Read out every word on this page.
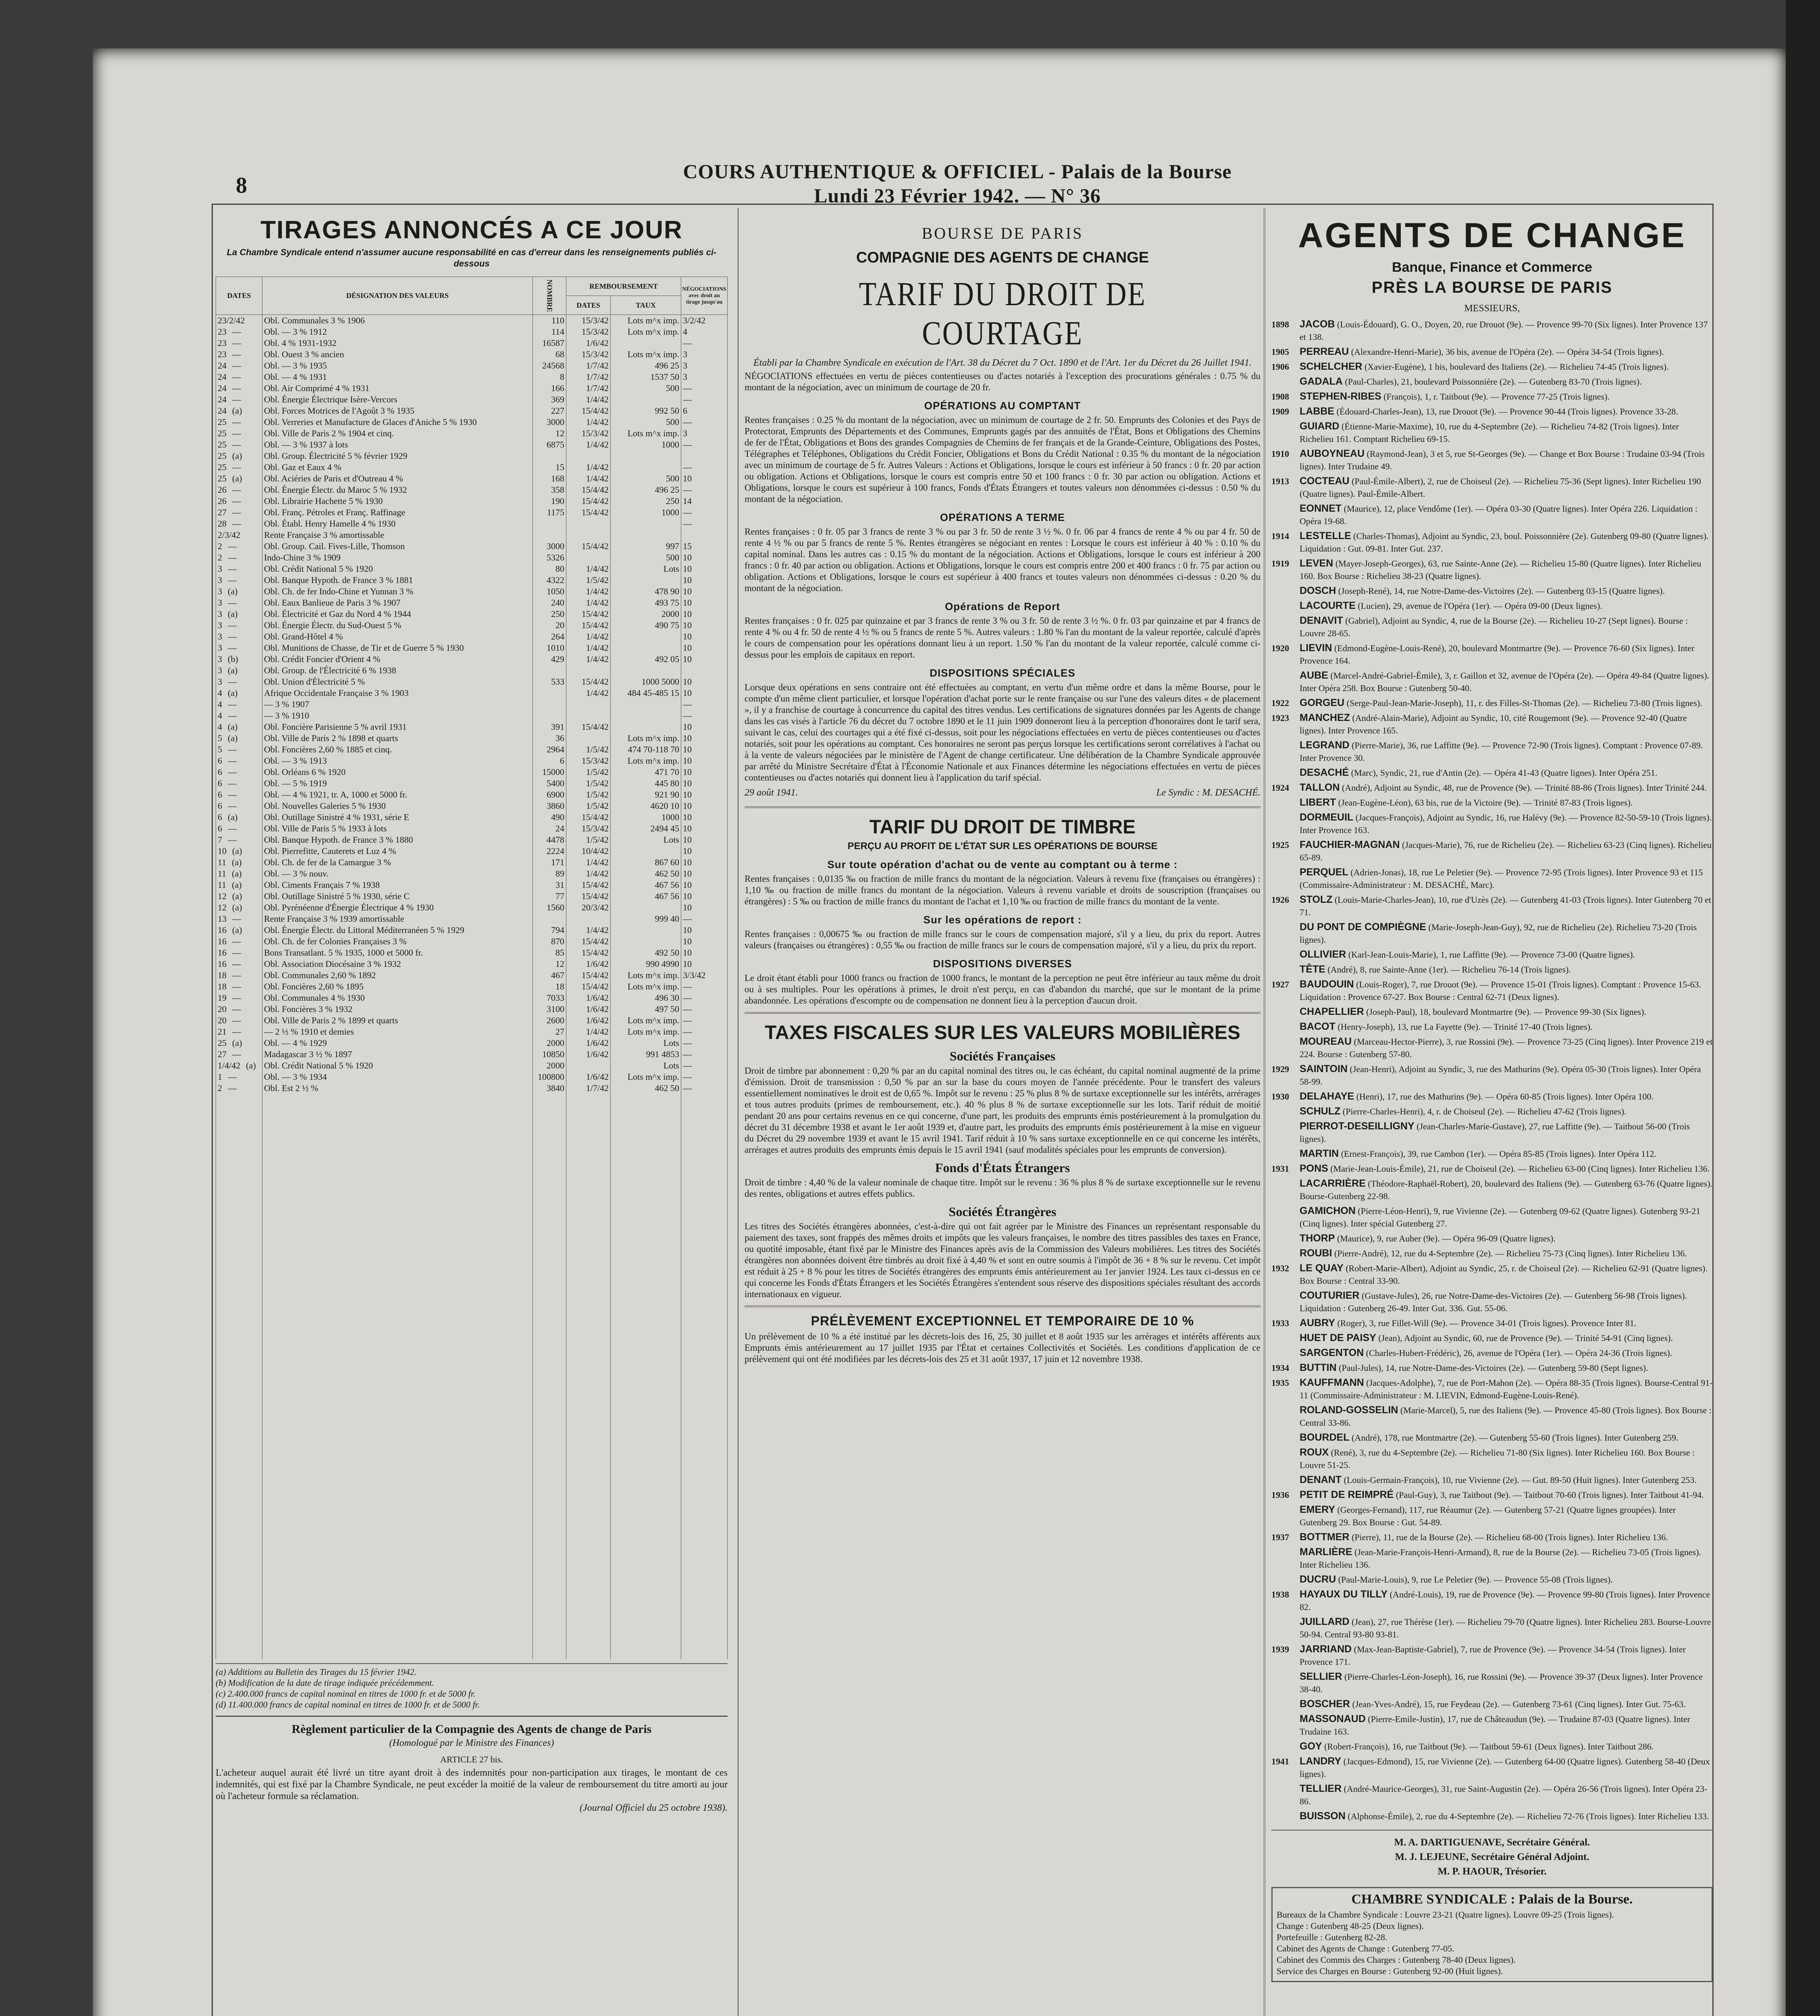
8
COURS AUTHENTIQUE & OFFICIEL - Palais de la Bourse
Lundi 23 Février 1942. — N° 36
TIRAGES ANNONCÉS A CE JOUR
La Chambre Syndicale entend n'assumer aucune responsabilité en cas d'erreur dans les renseignements publiés ci-dessous
DATES	DÉSIGNATION DES VALEURS	NOMBRE	REMBOURSEMENT		NÉGOCIATIONS avec droit au tirage jusqu'au
			DATES	TAUX	
23/2/42	Obl. Communales 3 % 1906	110	15/3/42	Lots m^x imp.	3/2/42
23 —	Obl. — 3 % 1912	114	15/3/42	Lots m^x imp.	4
23 —	Obl. 4 % 1931-1932	16587	1/6/42		—
23 —	Obl. Ouest 3 % ancien	68	15/3/42	Lots m^x imp.	3
24 —	Obl. — 3 % 1935	24568	1/7/42	496 25	3
24 —	Obl. — 4 % 1931	8	1/7/42	1537 50	3
24 —	Obl. Air Comprimé 4 % 1931	166	1/7/42	500	—
24 —	Obl. Énergie Électrique Isère-Vercors	369	1/4/42		—
24 (a)	Obl. Forces Motrices de l'Agoût 3 % 1935	227	15/4/42	992 50	6
25 —	Obl. Verreries et Manufacture de Glaces d'Aniche 5 % 1930	3000	1/4/42	500	—
25 —	Obl. Ville de Paris 2 % 1904 et cinq.	12	15/3/42	Lots m^x imp.	3
25 —	Obl. — 3 % 1937 à lots	6875	1/4/42	1000	—
25 (a)	Obl. Group. Électricité 5 % février 1929				
25 —	Obl. Gaz et Eaux 4 %	15	1/4/42		—
25 (a)	Obl. Aciéries de Paris et d'Outreau 4 %	168	1/4/42	500	10
26 —	Obl. Énergie Électr. du Maroc 5 % 1932	358	15/4/42	496 25	—
26 —	Obl. Librairie Hachette 5 % 1930	190	15/4/42	250	14
27 —	Obl. Franç. Pétroles et Franç. Raffinage	1175	15/4/42	1000	—
28 —	Obl. Établ. Henry Hamelle 4 % 1930				—
2/3/42	Rente Française 3 % amortissable				
2 —	Obl. Group. Cail. Fives-Lille, Thomson	3000	15/4/42	997	15
2 —	Indo-Chine 3 % 1909	5326		500	10
3 —	Obl. Crédit National 5 % 1920	80	1/4/42	Lots	10
3 —	Obl. Banque Hypoth. de France 3 % 1881	4322	1/5/42		10
3 (a)	Obl. Ch. de fer Indo-Chine et Yunnan 3 %	1050	1/4/42	478 90	10
3 —	Obl. Eaux Banlieue de Paris 3 % 1907	240	1/4/42	493 75	10
3 (a)	Obl. Électricité et Gaz du Nord 4 % 1944	250	15/4/42	2000	10
3 —	Obl. Énergie Électr. du Sud-Ouest 5 %	20	15/4/42	490 75	10
3 —	Obl. Grand-Hôtel 4 %	264	1/4/42		10
3 —	Obl. Munitions de Chasse, de Tir et de Guerre 5 % 1930	1010	1/4/42		10
3 (b)	Obl. Crédit Foncier d'Orient 4 %	429	1/4/42	492 05	10
3 (a)	Obl. Group. de l'Électricité 6 % 1938				
3 —	Obl. Union d'Électricité 5 %	533	15/4/42	1000 5000	10
4 (a)	Afrique Occidentale Française 3 % 1903		1/4/42	484 45-485 15	10
4 —	— 3 % 1907				—
4 —	— 3 % 1910				—
4 (a)	Obl. Foncière Parisienne 5 % avril 1931	391	15/4/42		10
5 (a)	Obl. Ville de Paris 2 % 1898 et quarts	36		Lots m^x imp.	10
5 —	Obl. Foncières 2,60 % 1885 et cinq.	2964	1/5/42	474 70-118 70	10
6 —	Obl. — 3 % 1913	6	15/3/42	Lots m^x imp.	10
6 —	Obl. Orléans 6 % 1920	15000	1/5/42	471 70	10
6 —	Obl. — 5 % 1919	5400	1/5/42	445 80	10
6 —	Obl. — 4 % 1921, tr. A, 1000 et 5000 fr.	6900	1/5/42	921 90	10
6 —	Obl. Nouvelles Galeries 5 % 1930	3860	1/5/42	4620 10	10
6 (a)	Obl. Outillage Sinistré 4 % 1931, série E	490	15/4/42	1000	10
6 —	Obl. Ville de Paris 5 % 1933 à lots	24	15/3/42	2494 45	10
7 —	Obl. Banque Hypoth. de France 3 % 1880	4478	1/5/42	Lots	10
10 (a)	Obl. Pierrefitte, Cauterets et Luz 4 %	2224	10/4/42		10
11 (a)	Obl. Ch. de fer de la Camargue 3 %	171	1/4/42	867 60	10
11 (a)	Obl. — 3 % nouv.	89	1/4/42	462 50	10
11 (a)	Obl. Ciments Français 7 % 1938	31	15/4/42	467 56	10
12 (a)	Obl. Outillage Sinistré 5 % 1930, série C	77	15/4/42	467 56	10
12 (a)	Obl. Pyrénéenne d'Énergie Électrique 4 % 1930	1560	20/3/42		10
13 —	Rente Française 3 % 1939 amortissable			999 40	—
16 (a)	Obl. Énergie Électr. du Littoral Méditerranéen 5 % 1929	794	1/4/42		10
16 —	Obl. Ch. de fer Colonies Françaises 3 %	870	15/4/42		10
16 —	Bons Transatlant. 5 % 1935, 1000 et 5000 fr.	85	15/4/42	492 50	10
16 —	Obl. Association Diocésaine 3 % 1932	12	1/6/42	990 4990	10
18 —	Obl. Communales 2,60 % 1892	467	15/4/42	Lots m^x imp.	3/3/42
18 —	Obl. Foncières 2,60 % 1895	18	15/4/42	Lots m^x imp.	—
19 —	Obl. Communales 4 % 1930	7033	1/6/42	496 30	—
20 —	Obl. Foncières 3 % 1932	3100	1/6/42	497 50	—
20 —	Obl. Ville de Paris 2 % 1899 et quarts	2600	1/6/42	Lots m^x imp.	—
21 —	— 2 ½ % 1910 et demies	27	1/4/42	Lots m^x imp.	—
25 (a)	Obl. — 4 % 1929	2000	1/6/42	Lots	—
27 —	Madagascar 3 ½ % 1897	10850	1/6/42	991 4853	—
1/4/42 (a)	Obl. Crédit National 5 % 1920	2000		Lots	—
1 —	Obl. — 3 % 1934	100800	1/6/42	Lots m^x imp.	—
2 —	Obl. Est 2 ½ %	3840	1/7/42	462 50	—

(a) Additions au Bulletin des Tirages du 15 février 1942.
(b) Modification de la date de tirage indiquée précédemment.
(c) 2.400.000 francs de capital nominal en titres de 1000 fr. et de 5000 fr.
(d) 11.400.000 francs de capital nominal en titres de 1000 fr. et de 5000 fr.
Règlement particulier de la Compagnie des Agents de change de Paris
(Homologué par le Ministre des Finances)
ARTICLE 27 bis.

L'acheteur auquel aurait été livré un titre ayant droit à des indemnités pour non-participation aux tirages, le montant de ces indemnités, qui est fixé par la Chambre Syndicale, ne peut excéder la moitié de la valeur de remboursement du titre amorti au jour où l'acheteur formule sa réclamation.

(Journal Officiel du 25 octobre 1938).

BOURSE DE PARIS
COMPAGNIE DES AGENTS DE CHANGE
TARIF DU DROIT DE COURTAGE
Établi par la Chambre Syndicale en exécution de l'Art. 38 du Décret du 7 Oct. 1890 et de l'Art. 1er du Décret du 26 Juillet 1941.

NÉGOCIATIONS effectuées en vertu de pièces contentieuses ou d'actes notariés à l'exception des procurations générales : 0.75 % du montant de la négociation, avec un minimum de courtage de 20 fr.

OPÉRATIONS AU COMPTANT

Rentes françaises : 0.25 % du montant de la négociation, avec un minimum de courtage de 2 fr. 50. Emprunts des Colonies et des Pays de Protectorat, Emprunts des Départements et des Communes, Emprunts gagés par des annuités de l'État, Bons et Obligations des Chemins de fer de l'État, Obligations et Bons des grandes Compagnies de Chemins de fer français et de la Grande-Ceinture, Obligations des Postes, Télégraphes et Téléphones, Obligations du Crédit Foncier, Obligations et Bons du Crédit National : 0.35 % du montant de la négociation avec un minimum de courtage de 5 fr. Autres Valeurs : Actions et Obligations, lorsque le cours est inférieur à 50 francs : 0 fr. 20 par action ou obligation. Actions et Obligations, lorsque le cours est compris entre 50 et 100 francs : 0 fr. 30 par action ou obligation. Actions et Obligations, lorsque le cours est supérieur à 100 francs, Fonds d'États Étrangers et toutes valeurs non dénommées ci-dessus : 0.50 % du montant de la négociation.

OPÉRATIONS A TERME

Rentes françaises : 0 fr. 05 par 3 francs de rente 3 % ou par 3 fr. 50 de rente 3 ½ %. 0 fr. 06 par 4 francs de rente 4 % ou par 4 fr. 50 de rente 4 ½ % ou par 5 francs de rente 5 %. Rentes étrangères se négociant en rentes : Lorsque le cours est inférieur à 40 % : 0.10 % du capital nominal. Dans les autres cas : 0.15 % du montant de la négociation. Actions et Obligations, lorsque le cours est inférieur à 200 francs : 0 fr. 40 par action ou obligation. Actions et Obligations, lorsque le cours est compris entre 200 et 400 francs : 0 fr. 75 par action ou obligation. Actions et Obligations, lorsque le cours est supérieur à 400 francs et toutes valeurs non dénommées ci-dessus : 0.20 % du montant de la négociation.

Opérations de Report

Rentes françaises : 0 fr. 025 par quinzaine et par 3 francs de rente 3 % ou 3 fr. 50 de rente 3 ½ %. 0 fr. 03 par quinzaine et par 4 francs de rente 4 % ou 4 fr. 50 de rente 4 ½ % ou 5 francs de rente 5 %. Autres valeurs : 1.80 % l'an du montant de la valeur reportée, calculé d'après le cours de compensation pour les opérations donnant lieu à un report. 1.50 % l'an du montant de la valeur reportée, calculé comme ci-dessus pour les emplois de capitaux en report.

DISPOSITIONS SPÉCIALES

Lorsque deux opérations en sens contraire ont été effectuées au comptant, en vertu d'un même ordre et dans la même Bourse, pour le compte d'un même client particulier, et lorsque l'opération d'achat porte sur le rente française ou sur l'une des valeurs dites « de placement », il y a franchise de courtage à concurrence du capital des titres vendus. Les certifications de signatures données par les Agents de change dans les cas visés à l'article 76 du décret du 7 octobre 1890 et le 11 juin 1909 donneront lieu à la perception d'honoraires dont le tarif sera, suivant le cas, celui des courtages qui a été fixé ci-dessus, soit pour les négociations effectuées en vertu de pièces contentieuses ou d'actes notariés, soit pour les opérations au comptant. Ces honoraires ne seront pas perçus lorsque les certifications seront corrélatives à l'achat ou à la vente de valeurs négociées par le ministère de l'Agent de change certificateur. Une délibération de la Chambre Syndicale approuvée par arrêté du Ministre Secrétaire d'État à l'Économie Nationale et aux Finances détermine les négociations effectuées en vertu de pièces contentieuses ou d'actes notariés qui donnent lieu à l'application du tarif spécial.

29 août 1941.	Le Syndic : M. DESACHÉ.
TARIF DU DROIT DE TIMBRE
PERÇU AU PROFIT DE L'ÉTAT SUR LES OPÉRATIONS DE BOURSE
Sur toute opération d'achat ou de vente au comptant ou à terme :

Rentes françaises : 0,0135 ‰ ou fraction de mille francs du montant de la négociation. Valeurs à revenu fixe (françaises ou étrangères) : 1,10 ‰ ou fraction de mille francs du montant de la négociation. Valeurs à revenu variable et droits de souscription (françaises ou étrangères) : 5 ‰ ou fraction de mille francs du montant de l'achat et 1,10 ‰ ou fraction de mille francs du montant de la vente.

Sur les opérations de report :

Rentes françaises : 0,00675 ‰ ou fraction de mille francs sur le cours de compensation majoré, s'il y a lieu, du prix du report. Autres valeurs (françaises ou étrangères) : 0,55 ‰ ou fraction de mille francs sur le cours de compensation majoré, s'il y a lieu, du prix du report.

DISPOSITIONS DIVERSES

Le droit étant établi pour 1000 francs ou fraction de 1000 francs, le montant de la perception ne peut être inférieur au taux même du droit ou à ses multiples. Pour les opérations à primes, le droit n'est perçu, en cas d'abandon du marché, que sur le montant de la prime abandonnée. Les opérations d'escompte ou de compensation ne donnent lieu à la perception d'aucun droit.

TAXES FISCALES SUR LES VALEURS MOBILIÈRES
Sociétés Françaises

Droit de timbre par abonnement : 0,20 % par an du capital nominal des titres ou, le cas échéant, du capital nominal augmenté de la prime d'émission. Droit de transmission : 0,50 % par an sur la base du cours moyen de l'année précédente. Pour le transfert des valeurs essentiellement nominatives le droit est de 0,65 %. Impôt sur le revenu : 25 % plus 8 % de surtaxe exceptionnelle sur les intérêts, arrérages et tous autres produits (primes de remboursement, etc.). 40 % plus 8 % de surtaxe exceptionnelle sur les lots. Tarif réduit de moitié pendant 20 ans pour certains revenus en ce qui concerne, d'une part, les produits des emprunts émis postérieurement à la promulgation du décret du 31 décembre 1938 et avant le 1er août 1939 et, d'autre part, les produits des emprunts émis postérieurement à la mise en vigueur du Décret du 29 novembre 1939 et avant le 15 avril 1941. Tarif réduit à 10 % sans surtaxe exceptionnelle en ce qui concerne les intérêts, arrérages et autres produits des emprunts émis depuis le 15 avril 1941 (sauf modalités spéciales pour les emprunts de conversion).

Fonds d'États Étrangers

Droit de timbre : 4,40 % de la valeur nominale de chaque titre. Impôt sur le revenu : 36 % plus 8 % de surtaxe exceptionnelle sur le revenu des rentes, obligations et autres effets publics.

Sociétés Étrangères

Les titres des Sociétés étrangères abonnées, c'est-à-dire qui ont fait agréer par le Ministre des Finances un représentant responsable du paiement des taxes, sont frappés des mêmes droits et impôts que les valeurs françaises, le nombre des titres passibles des taxes en France, ou quotité imposable, étant fixé par le Ministre des Finances après avis de la Commission des Valeurs mobilières. Les titres des Sociétés étrangères non abonnées doivent être timbrés au droit fixé à 4,40 % et sont en outre soumis à l'impôt de 36 + 8 % sur le revenu. Cet impôt est réduit à 25 + 8 % pour les titres de Sociétés étrangères des emprunts émis antérieurement au 1er janvier 1924. Les taux ci-dessus en ce qui concerne les Fonds d'États Étrangers et les Sociétés Étrangères s'entendent sous réserve des dispositions spéciales résultant des accords internationaux en vigueur.

PRÉLÈVEMENT EXCEPTIONNEL ET TEMPORAIRE DE 10 %

Un prélèvement de 10 % a été institué par les décrets-lois des 16, 25, 30 juillet et 8 août 1935 sur les arrérages et intérêts afférents aux Emprunts émis antérieurement au 17 juillet 1935 par l'État et certaines Collectivités et Sociétés. Les conditions d'application de ce prélèvement qui ont été modifiées par les décrets-lois des 25 et 31 août 1937, 17 juin et 12 novembre 1938.

AGENTS DE CHANGE
Banque, Finance et Commerce
PRÈS LA BOURSE DE PARIS
MESSIEURS,
1898	JACOB (Louis-Édouard), G. O., Doyen, 20, rue Drouot (9e). — Provence 99-70 (Six lignes). Inter Provence 137 et 138.
1905	PERREAU (Alexandre-Henri-Marie), 36 bis, avenue de l'Opéra (2e). — Opéra 34-54 (Trois lignes).
1906	SCHELCHER (Xavier-Eugène), 1 bis, boulevard des Italiens (2e). — Richelieu 74-45 (Trois lignes).
GADALA (Paul-Charles), 21, boulevard Poissonnière (2e). — Gutenberg 83-70 (Trois lignes).
1908	STEPHEN-RIBES (François), 1, r. Taitbout (9e). — Provence 77-25 (Trois lignes).
1909	LABBE (Édouard-Charles-Jean), 13, rue Drouot (9e). — Provence 90-44 (Trois lignes). Provence 33-28.
GUIARD (Étienne-Marie-Maxime), 10, rue du 4-Septembre (2e). — Richelieu 74-82 (Trois lignes). Inter Richelieu 161. Comptant Richelieu 69-15.
1910	AUBOYNEAU (Raymond-Jean), 3 et 5, rue St-Georges (9e). — Change et Box Bourse : Trudaine 03-94 (Trois lignes). Inter Trudaine 49.
1913	COCTEAU (Paul-Émile-Albert), 2, rue de Choiseul (2e). — Richelieu 75-36 (Sept lignes). Inter Richelieu 190 (Quatre lignes). Paul-Émile-Albert.
EONNET (Maurice), 12, place Vendôme (1er). — Opéra 03-30 (Quatre lignes). Inter Opéra 226. Liquidation : Opéra 19-68.
1914	LESTELLE (Charles-Thomas), Adjoint au Syndic, 23, boul. Poissonnière (2e). Gutenberg 09-80 (Quatre lignes). Liquidation : Gut. 09-81. Inter Gut. 237.
1919	LEVEN (Mayer-Joseph-Georges), 63, rue Sainte-Anne (2e). — Richelieu 15-80 (Quatre lignes). Inter Richelieu 160. Box Bourse : Richelieu 38-23 (Quatre lignes).
DOSCH (Joseph-René), 14, rue Notre-Dame-des-Victoires (2e). — Gutenberg 03-15 (Quatre lignes).
LACOURTE (Lucien), 29, avenue de l'Opéra (1er). — Opéra 09-00 (Deux lignes).
DENAVIT (Gabriel), Adjoint au Syndic, 4, rue de la Bourse (2e). — Richelieu 10-27 (Sept lignes). Bourse : Louvre 28-65.
1920	LIEVIN (Edmond-Eugène-Louis-René), 20, boulevard Montmartre (9e). — Provence 76-60 (Six lignes). Inter Provence 164.
AUBE (Marcel-André-Gabriel-Émile), 3, r. Gaillon et 32, avenue de l'Opéra (2e). — Opéra 49-84 (Quatre lignes). Inter Opéra 258. Box Bourse : Gutenberg 50-40.
1922	GORGEU (Serge-Paul-Jean-Marie-Joseph), 11, r. des Filles-St-Thomas (2e). — Richelieu 73-80 (Trois lignes).
1923	MANCHEZ (André-Alain-Marie), Adjoint au Syndic, 10, cité Rougemont (9e). — Provence 92-40 (Quatre lignes). Inter Provence 165.
LEGRAND (Pierre-Marie), 36, rue Laffitte (9e). — Provence 72-90 (Trois lignes). Comptant : Provence 07-89. Inter Provence 30.
DESACHÉ (Marc), Syndic, 21, rue d'Antin (2e). — Opéra 41-43 (Quatre lignes). Inter Opéra 251.
1924	TALLON (André), Adjoint au Syndic, 48, rue de Provence (9e). — Trinité 88-86 (Trois lignes). Inter Trinité 244.
LIBERT (Jean-Eugène-Léon), 63 bis, rue de la Victoire (9e). — Trinité 87-83 (Trois lignes).
DORMEUIL (Jacques-François), Adjoint au Syndic, 16, rue Halévy (9e). — Provence 82-50-59-10 (Trois lignes). Inter Provence 163.
1925	FAUCHIER-MAGNAN (Jacques-Marie), 76, rue de Richelieu (2e). — Richelieu 63-23 (Cinq lignes). Richelieu 65-89.
PERQUEL (Adrien-Jonas), 18, rue Le Peletier (9e). — Provence 72-95 (Trois lignes). Inter Provence 93 et 115 (Commissaire-Administrateur : M. DESACHÉ, Marc).
1926	STOLZ (Louis-Marie-Charles-Jean), 10, rue d'Uzès (2e). — Gutenberg 41-03 (Trois lignes). Inter Gutenberg 70 et 71.
DU PONT DE COMPIÈGNE (Marie-Joseph-Jean-Guy), 92, rue de Richelieu (2e). Richelieu 73-20 (Trois lignes).
OLLIVIER (Karl-Jean-Louis-Marie), 1, rue Laffitte (9e). — Provence 73-00 (Quatre lignes).
TÊTE (André), 8, rue Sainte-Anne (1er). — Richelieu 76-14 (Trois lignes).
1927	BAUDOUIN (Louis-Roger), 7, rue Drouot (9e). — Provence 15-01 (Trois lignes). Comptant : Provence 15-63. Liquidation : Provence 67-27. Box Bourse : Central 62-71 (Deux lignes).
CHAPELLIER (Joseph-Paul), 18, boulevard Montmartre (9e). — Provence 99-30 (Six lignes).
BACOT (Henry-Joseph), 13, rue La Fayette (9e). — Trinité 17-40 (Trois lignes).
MOUREAU (Marceau-Hector-Pierre), 3, rue Rossini (9e). — Provence 73-25 (Cinq lignes). Inter Provence 219 et 224. Bourse : Gutenberg 57-80.
1929	SAINTOIN (Jean-Henri), Adjoint au Syndic, 3, rue des Mathurins (9e). Opéra 05-30 (Trois lignes). Inter Opéra 58-99.
1930	DELAHAYE (Henri), 17, rue des Mathurins (9e). — Opéra 60-85 (Trois lignes). Inter Opéra 100.
SCHULZ (Pierre-Charles-Henri), 4, r. de Choiseul (2e). — Richelieu 47-62 (Trois lignes).
PIERROT-DESEILLIGNY (Jean-Charles-Marie-Gustave), 27, rue Laffitte (9e). — Taitbout 56-00 (Trois lignes).
MARTIN (Ernest-François), 39, rue Cambon (1er). — Opéra 85-85 (Trois lignes). Inter Opéra 112.
1931	PONS (Marie-Jean-Louis-Émile), 21, rue de Choiseul (2e). — Richelieu 63-00 (Cinq lignes). Inter Richelieu 136.
LACARRIÈRE (Théodore-Raphaël-Robert), 20, boulevard des Italiens (9e). — Gutenberg 63-76 (Quatre lignes). Bourse-Gutenberg 22-98.
GAMICHON (Pierre-Léon-Henri), 9, rue Vivienne (2e). — Gutenberg 09-62 (Quatre lignes). Gutenberg 93-21 (Cinq lignes). Inter spécial Gutenberg 27.
THORP (Maurice), 9, rue Auber (9e). — Opéra 96-09 (Quatre lignes).
ROUBI (Pierre-André), 12, rue du 4-Septembre (2e). — Richelieu 75-73 (Cinq lignes). Inter Richelieu 136.
1932	LE QUAY (Robert-Marie-Albert), Adjoint au Syndic, 25, r. de Choiseul (2e). — Richelieu 62-91 (Quatre lignes). Box Bourse : Central 33-90.
COUTURIER (Gustave-Jules), 26, rue Notre-Dame-des-Victoires (2e). — Gutenberg 56-98 (Trois lignes). Liquidation : Gutenberg 26-49. Inter Gut. 336. Gut. 55-06.
1933	AUBRY (Roger), 3, rue Fillet-Will (9e). — Provence 34-01 (Trois lignes). Provence Inter 81.
HUET DE PAISY (Jean), Adjoint au Syndic, 60, rue de Provence (9e). — Trinité 54-91 (Cinq lignes).
SARGENTON (Charles-Hubert-Frédéric), 26, avenue de l'Opéra (1er). — Opéra 24-36 (Trois lignes).
1934	BUTTIN (Paul-Jules), 14, rue Notre-Dame-des-Victoires (2e). — Gutenberg 59-80 (Sept lignes).
1935	KAUFFMANN (Jacques-Adolphe), 7, rue de Port-Mahon (2e). — Opéra 88-35 (Trois lignes). Bourse-Central 91-11 (Commissaire-Administrateur : M. LIEVIN, Edmond-Eugène-Louis-René).
ROLAND-GOSSELIN (Marie-Marcel), 5, rue des Italiens (9e). — Provence 45-80 (Trois lignes). Box Bourse : Central 33-86.
BOURDEL (André), 178, rue Montmartre (2e). — Gutenberg 55-60 (Trois lignes). Inter Gutenberg 259.
ROUX (René), 3, rue du 4-Septembre (2e). — Richelieu 71-80 (Six lignes). Inter Richelieu 160. Box Bourse : Louvre 51-25.
DENANT (Louis-Germain-François), 10, rue Vivienne (2e). — Gut. 89-50 (Huit lignes). Inter Gutenberg 253.
1936	PETIT DE REIMPRÉ (Paul-Guy), 3, rue Taitbout (9e). — Taitbout 70-60 (Trois lignes). Inter Taitbout 41-94.
EMERY (Georges-Fernand), 117, rue Réaumur (2e). — Gutenberg 57-21 (Quatre lignes groupées). Inter Gutenberg 29. Box Bourse : Gut. 54-89.
1937	BOTTMER (Pierre), 11, rue de la Bourse (2e). — Richelieu 68-00 (Trois lignes). Inter Richelieu 136.
MARLIÈRE (Jean-Marie-François-Henri-Armand), 8, rue de la Bourse (2e). — Richelieu 73-05 (Trois lignes). Inter Richelieu 136.
DUCRU (Paul-Marie-Louis), 9, rue Le Peletier (9e). — Provence 55-08 (Trois lignes).
1938	HAYAUX DU TILLY (André-Louis), 19, rue de Provence (9e). — Provence 99-80 (Trois lignes). Inter Provence 82.
JUILLARD (Jean), 27, rue Thérèse (1er). — Richelieu 79-70 (Quatre lignes). Inter Richelieu 283. Bourse-Louvre 50-94. Central 93-80 93-81.
1939	JARRIAND (Max-Jean-Baptiste-Gabriel), 7, rue de Provence (9e). — Provence 34-54 (Trois lignes). Inter Provence 171.
SELLIER (Pierre-Charles-Léon-Joseph), 16, rue Rossini (9e). — Provence 39-37 (Deux lignes). Inter Provence 38-40.
BOSCHER (Jean-Yves-André), 15, rue Feydeau (2e). — Gutenberg 73-61 (Cinq lignes). Inter Gut. 75-63.
MASSONAUD (Pierre-Emile-Justin), 17, rue de Châteaudun (9e). — Trudaine 87-03 (Quatre lignes). Inter Trudaine 163.
GOY (Robert-François), 16, rue Taitbout (9e). — Taitbout 59-61 (Deux lignes). Inter Taitbout 286.
1941	LANDRY (Jacques-Edmond), 15, rue Vivienne (2e). — Gutenberg 64-00 (Quatre lignes). Gutenberg 58-40 (Deux lignes).
TELLIER (André-Maurice-Georges), 31, rue Saint-Augustin (2e). — Opéra 26-56 (Trois lignes). Inter Opéra 23-86.
BUISSON (Alphonse-Émile), 2, rue du 4-Septembre (2e). — Richelieu 72-76 (Trois lignes). Inter Richelieu 133.
M. A. DARTIGUENAVE, Secrétaire Général.
M. J. LEJEUNE, Secrétaire Général Adjoint.
M. P. HAOUR, Trésorier.
CHAMBRE SYNDICALE : Palais de la Bourse.
Bureaux de la Chambre Syndicale : Louvre 23-21 (Quatre lignes). Louvre 09-25 (Trois lignes).
Change : Gutenberg 48-25 (Deux lignes).
Portefeuille : Gutenberg 82-28.
Cabinet des Agents de Change : Gutenberg 77-05.
Cabinet des Commis des Charges : Gutenberg 78-40 (Deux lignes).
Service des Charges en Bourse : Gutenberg 92-00 (Huit lignes).
